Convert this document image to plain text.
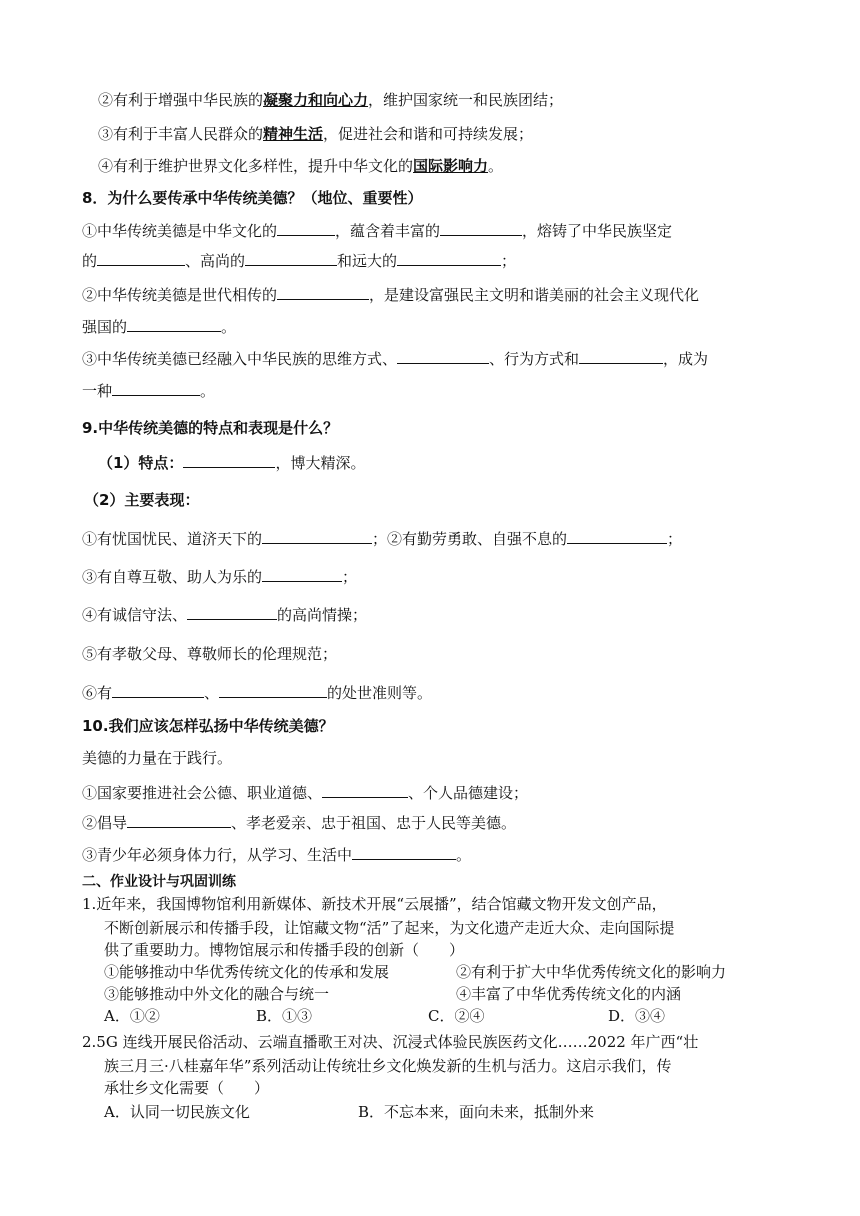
②有利于增强中华民族的凝聚力和向心力，维护国家统一和民族团结；
③有利于丰富人民群众的精神生活，促进社会和谐和可持续发展；
④有利于维护世界文化多样性，提升中华文化的国际影响力。
8．为什么要传承中华传统美德？（地位、重要性）
①中华传统美德是中华文化的	，蕴含着丰富的	，熔铸了中华民族坚定
的	、高尚的	和远大的	；
②中华传统美德是世代相传的	，是建设富强民主文明和谐美丽的社会主义现代化
强国的	。
③中华传统美德已经融入中华民族的思维方式、	、行为方式和	，成为
一种	。
9.中华传统美德的特点和表现是什么？
（1）特点：	，博大精深。
（2）主要表现：
①有忧国忧民、道济天下的	；②有勤劳勇敢、自强不息的	；
③有自尊互敬、助人为乐的	；
④有诚信守法、	的高尚情操；
⑤有孝敬父母、尊敬师长的伦理规范；
⑥有	、	的处世准则等。
10.我们应该怎样弘扬中华传统美德？
美德的力量在于践行。
①国家要推进社会公德、职业道德、	、个人品德建设；
②倡导	、孝老爱亲、忠于祖国、忠于人民等美德。
③青少年必须身体力行，从学习、生活中	。
二、作业设计与巩固训练
1.近年来，我国博物馆利用新媒体、新技术开展“云展播”，结合馆藏文物开发文创产品，
不断创新展示和传播手段，让馆藏文物“活”了起来，为文化遗产走近大众、走向国际提
供了重要助力。博物馆展示和传播手段的创新（　　）
①能够推动中华优秀传统文化的传承和发展	②有利于扩大中华优秀传统文化的影响力
③能够推动中外文化的融合与统一	④丰富了中华优秀传统文化的内涵
A．①②	B．①③	C．②④	D．③④
2.5G 连线开展民俗活动、云端直播歌王对决、沉浸式体验民族医药文化……2022 年广西“壮
族三月三·八桂嘉年华”系列活动让传统壮乡文化焕发新的生机与活力。这启示我们，传
承壮乡文化需要（　　）
A．认同一切民族文化	B．不忘本来，面向未来，抵制外来
